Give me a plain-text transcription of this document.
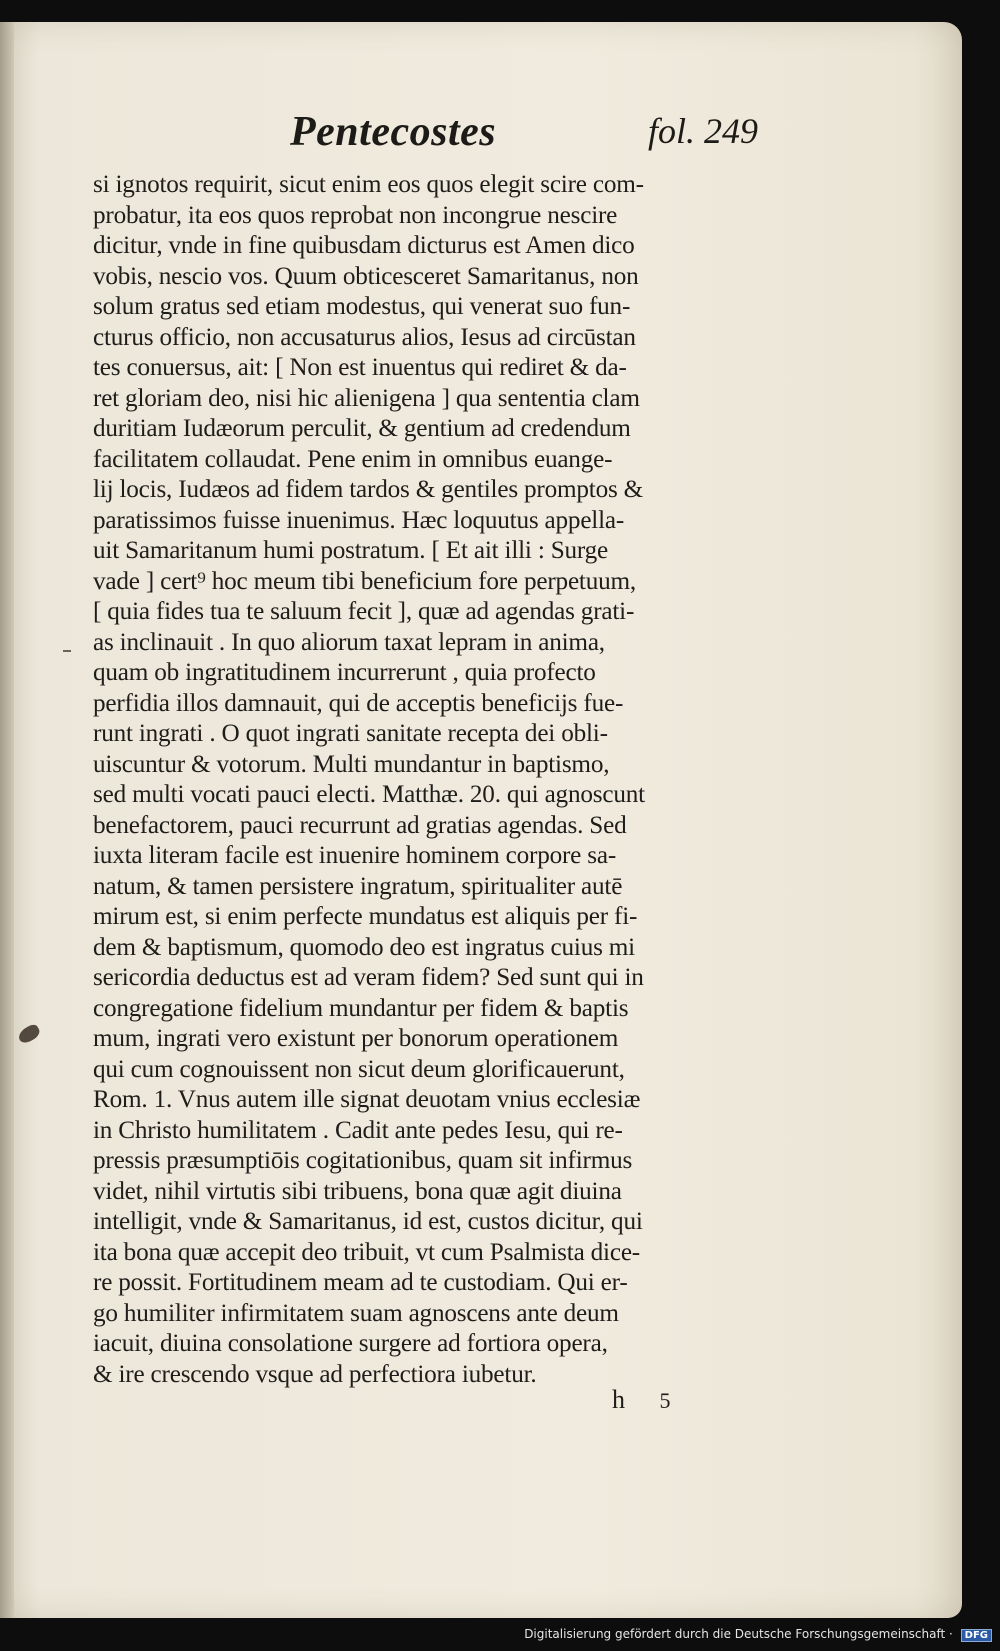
Pentecostes	fol. 249
si ignotos requirit, sicut enim eos quos elegit scire com-
probatur, ita eos quos reprobat non incongrue nescire
dicitur, vnde in fine quibusdam dicturus est Amen dico
vobis, nescio vos. Quum obticesceret Samaritanus, non
solum gratus sed etiam modestus, qui venerat suo fun-
cturus officio, non accusaturus alios, Iesus ad circūstan
tes conuersus, ait: [ Non est inuentus qui rediret & da-
ret gloriam deo, nisi hic alienigena ] qua sententia clam
duritiam Iudæorum perculit, & gentium ad credendum
facilitatem collaudat. Pene enim in omnibus euange-
lij locis, Iudæos ad fidem tardos & gentiles promptos &
paratissimos fuisse inuenimus. Hæc loquutus appella-
uit Samaritanum humi postratum. [ Et ait illi : Surge
vade ] cert⁹ hoc meum tibi beneficium fore perpetuum,
[ quia fides tua te saluum fecit ], quæ ad agendas grati-
as inclinauit . In quo aliorum taxat lepram in anima,
quam ob ingratitudinem incurrerunt , quia profecto
perfidia illos damnauit, qui de acceptis beneficijs fue-
runt ingrati . O quot ingrati sanitate recepta dei obli-
uiscuntur & votorum. Multi mundantur in baptismo,
sed multi vocati pauci electi. Matthæ. 20. qui agnoscunt
benefactorem, pauci recurrunt ad gratias agendas. Sed
iuxta literam facile est inuenire hominem corpore sa-
natum, & tamen persistere ingratum, spiritualiter autē
mirum est, si enim perfecte mundatus est aliquis per fi-
dem & baptismum, quomodo deo est ingratus cuius mi
sericordia deductus est ad veram fidem? Sed sunt qui in
congregatione fidelium mundantur per fidem & baptis
mum, ingrati vero existunt per bonorum operationem
qui cum cognouissent non sicut deum glorificauerunt,
Rom. 1. Vnus autem ille signat deuotam vnius ecclesiæ
in Christo humilitatem . Cadit ante pedes Iesu, qui re-
pressis præsumptiōis cogitationibus, quam sit infirmus
videt, nihil virtutis sibi tribuens, bona quæ agit diuina
intelligit, vnde & Samaritanus, id est, custos dicitur, qui
ita bona quæ accepit deo tribuit, vt cum Psalmista dice-
re possit. Fortitudinem meam ad te custodiam. Qui er-
go humiliter infirmitatem suam agnoscens ante deum
iacuit, diuina consolatione surgere ad fortiora opera,
& ire crescendo vsque ad perfectiora iubetur.
h 5
Digitalisierung gefördert durch die Deutsche Forschungsgemeinschaft · DFG
